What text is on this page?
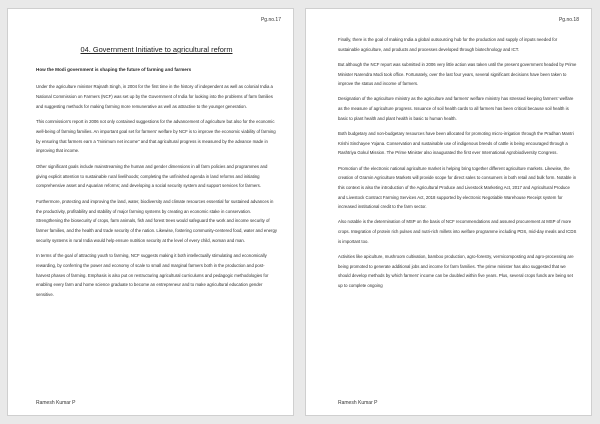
Pg.no.17
04. Government Initiative to agricultural reform
How the Modi government is shaping the future of farming and farmers

Under the agriculture minister Rajnath Singh, in 2004 for the first time in the history of independent as well as colonial India a National Commission on Farmers (NCF) was set up by the Government of India for looking into the problems of farm families and suggesting methods for making farming more remunerative as well as attractive to the younger generation.

This commission's report in 2006 not only contained suggestions for the advancement of agriculture but also for the economic well-being of farming families. An important goal set for farmers' welfare by NCF is to improve the economic viability of farming by ensuring that farmers earn a "minimum net income" and that agricultural progress is measured by the advance made in improving that income.

Other significant goals include mainstreaming the human and gender dimensions in all farm policies and programmes and giving explicit attention to sustainable rural livelihoods; completing the unfinished agenda in land reforms and initiating comprehensive asset and Aquarian reforms; and developing a social security system and support services for farmers.

Furthermore, protecting and improving the land, water, biodiversity and climate resources essential for sustained advances in the productivity, profitability and stability of major farming systems by creating an economic stake in conservation. Strengthening the biosecurity of crops, farm animals, fish and forest trees would safeguard the work and income security of farmer families, and the health and trade security of the nation. Likewise, fostering community-centered food, water and energy security systems in rural India would help ensure nutrition security at the level of every child, woman and man.

In terms of the goal of attracting youth to farming, NCF suggests making it both intellectually stimulating and economically rewarding, by conferring the power and economy of scale to small and marginal farmers both in the production and post-harvest phases of farming. Emphasis is also put on restructuring agricultural curriculums and pedagogic methodologies for enabling every farm and home science graduate to become an entrepreneur and to make agricultural education gender sensitive.

Ramesh Kumar P
Pg.no.18

Finally, there is the goal of making India a global outsourcing hub for the production and supply of inputs needed for sustainable agriculture, and products and processes developed through biotechnology and ICT.

But although the NCF report was submitted in 2006 very little action was taken until the present government headed by Prime Minister Narendra Modi took office. Fortunately, over the last four years, several significant decisions have been taken to improve the status and income of farmers.

Designation of the agriculture ministry as the agriculture and farmers' welfare ministry has stressed keeping farmers' welfare as the measure of agriculture progress. Issuance of soil health cards to all farmers has been critical because soil health is basic to plant health and plant health is basic to human health.

Both budgetary and non-budgetary resources have been allocated for promoting micro-irrigation through the Pradhan Mantri Krishi Sinchayee Yojana. Conservation and sustainable use of indigenous breeds of cattle is being encouraged through a Rashtriya Gokul Mission. The Prime Minister also inaugurated the first ever International Agrobiodiversity Congress.

Promotion of the electronic national agriculture market is helping bring together different agriculture markets. Likewise, the creation of Gramin Agriculture Markets will provide scope for direct sales to consumers in both retail and bulk form. Notable in this context is also the introduction of the Agricultural Produce and Livestock Marketing Act, 2017 and Agricultural Produce and Livestock Contract Farming Services Act, 2018 supported by electronic Negotiable Warehouse Receipt system for increased institutional credit to the farm sector.

Also notable is the determination of MSP on the basis of NCF recommendations and assured procurement at MSP of more crops. Integration of protein rich pulses and nutri-rich millets into welfare programme including PDS, mid-day meals and ICDS is important too.

Activities like apiculture, mushroom cultivation, bamboo production, agro-forestry, vermicomposting and agro-processing are being promoted to generate additional jobs and income for farm families. The prime minister has also suggested that we should develop methods by which farmers' income can be doubled within five years. Plus, several crops funds are being set up to complete ongoing

Ramesh Kumar P
